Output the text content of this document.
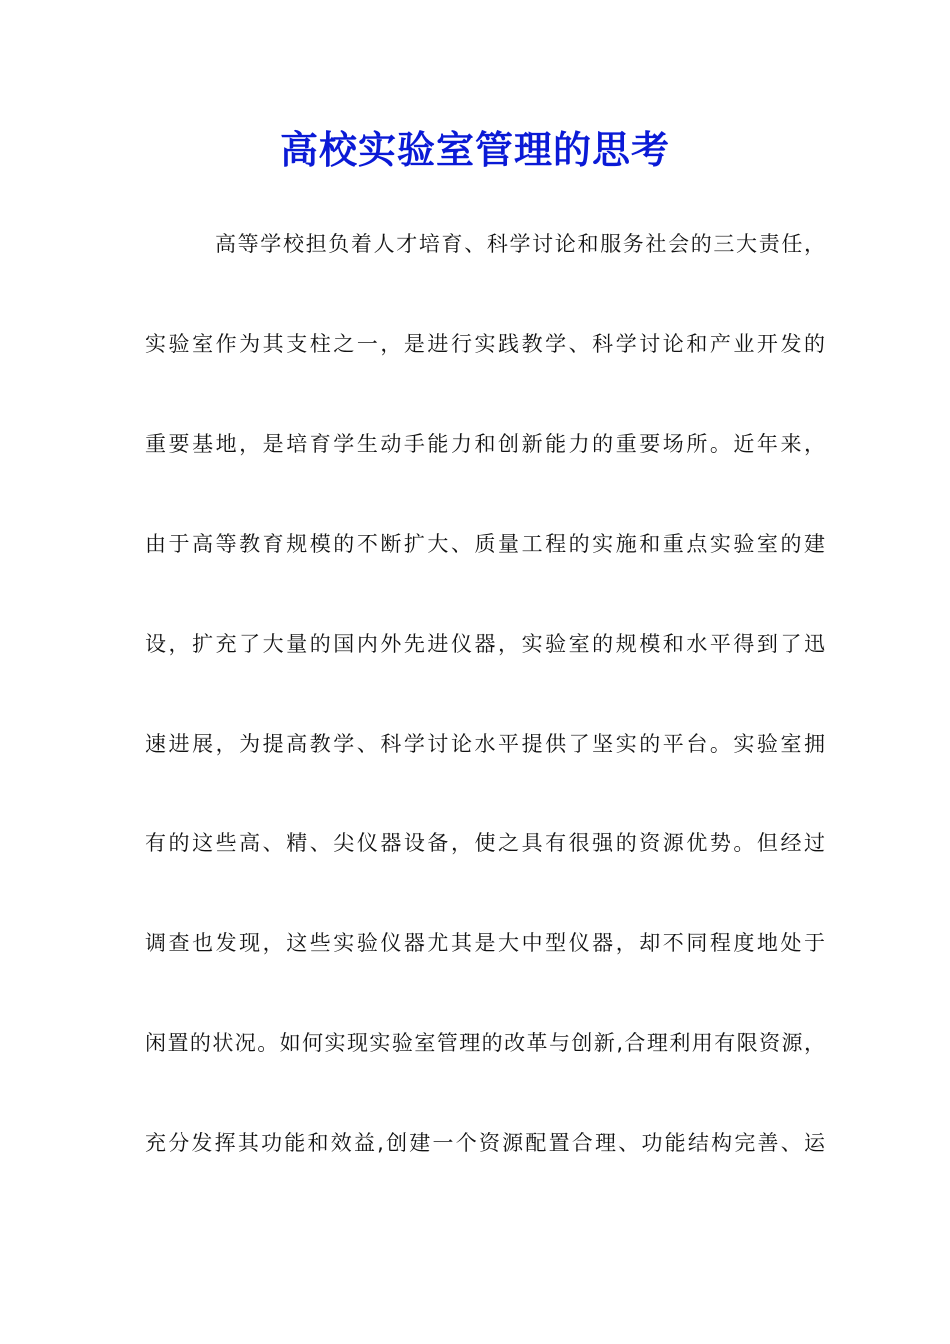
高校实验室管理的思考
高等学校担负着人才培育、科学讨论和服务社会的三大责任，
实验室作为其支柱之一，是进行实践教学、科学讨论和产业开发的
重要基地，是培育学生动手能力和创新能力的重要场所。近年来，
由于高等教育规模的不断扩大、质量工程的实施和重点实验室的建
设，扩充了大量的国内外先进仪器，实验室的规模和水平得到了迅
速进展，为提高教学、科学讨论水平提供了坚实的平台。实验室拥
有的这些高、精、尖仪器设备，使之具有很强的资源优势。但经过
调查也发现，这些实验仪器尤其是大中型仪器，却不同程度地处于
闲置的状况。如何实现实验室管理的改革与创新,合理利用有限资源，
充分发挥其功能和效益,创建一个资源配置合理、功能结构完善、运
